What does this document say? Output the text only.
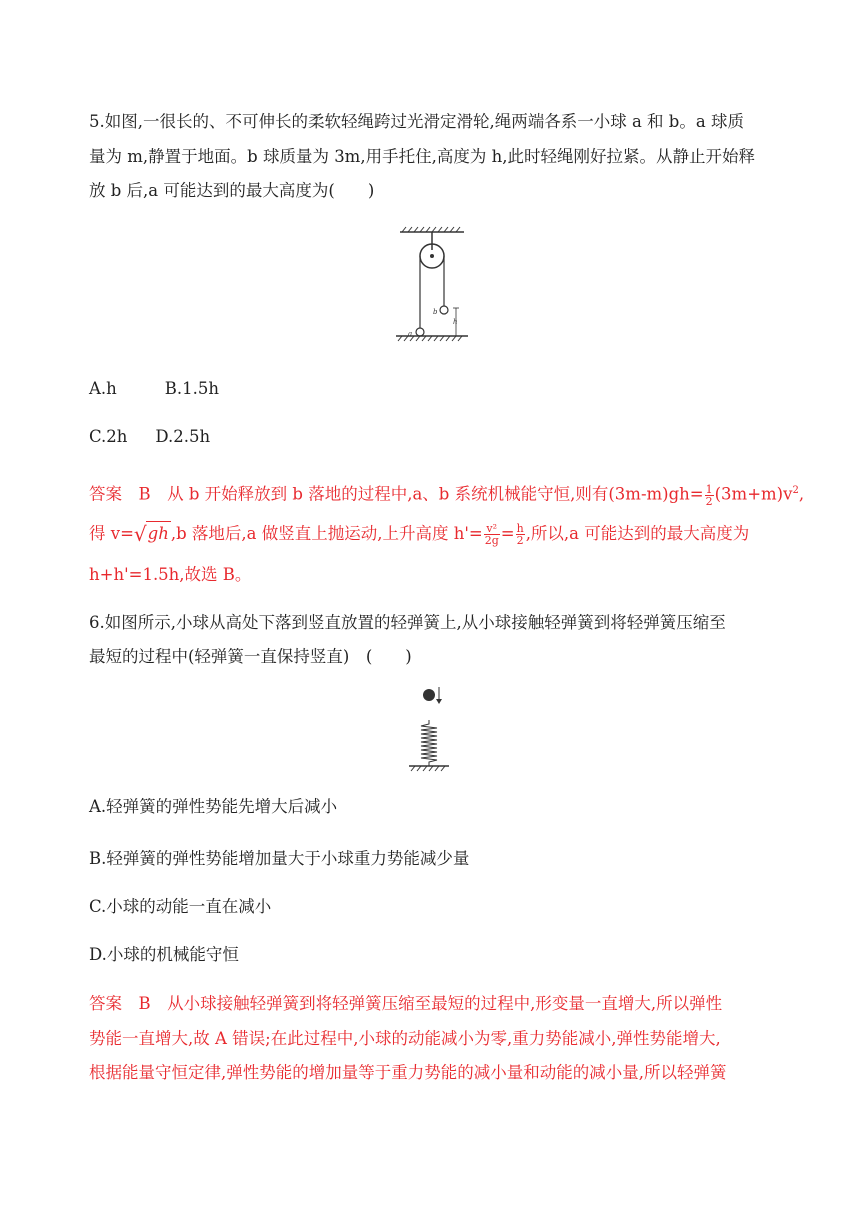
5.如图,一很长的、不可伸长的柔软轻绳跨过光滑定滑轮,绳两端各系一小球 a 和 b。a 球质
量为 m,静置于地面。b 球质量为 3m,用手托住,高度为 h,此时轻绳刚好拉紧。从静止开始释
放 b 后,a 可能达到的最大高度为(　　)
b
a
h
A.h	B.1.5h
C.2h D.2.5h
答案　B　从 b 开始释放到 b 落地的过程中,a、b 系统机械能守恒,则有$(3m-m)gh= \frac{1}{2} (3m+m)v^2$,
得 v=√gh ,b 落地后,a 做竖直上抛运动,上升高度 $h'= \frac{\text{v²}}{2g} = \frac{h}{2}$ ,所以,a 可能达到的最大高度为
h+h'=1.5h,故选 B。
6.如图所示,小球从高处下落到竖直放置的轻弹簧上,从小球接触轻弹簧到将轻弹簧压缩至
最短的过程中(轻弹簧一直保持竖直)　(　　)
A.轻弹簧的弹性势能先增大后减小
B.轻弹簧的弹性势能增加量大于小球重力势能减少量
C.小球的动能一直在减小
D.小球的机械能守恒
答案　B　从小球接触轻弹簧到将轻弹簧压缩至最短的过程中,形变量一直增大,所以弹性
势能一直增大,故 A 错误;在此过程中,小球的动能减小为零,重力势能减小,弹性势能增大,
根据能量守恒定律,弹性势能的增加量等于重力势能的减小量和动能的减小量,所以轻弹簧
